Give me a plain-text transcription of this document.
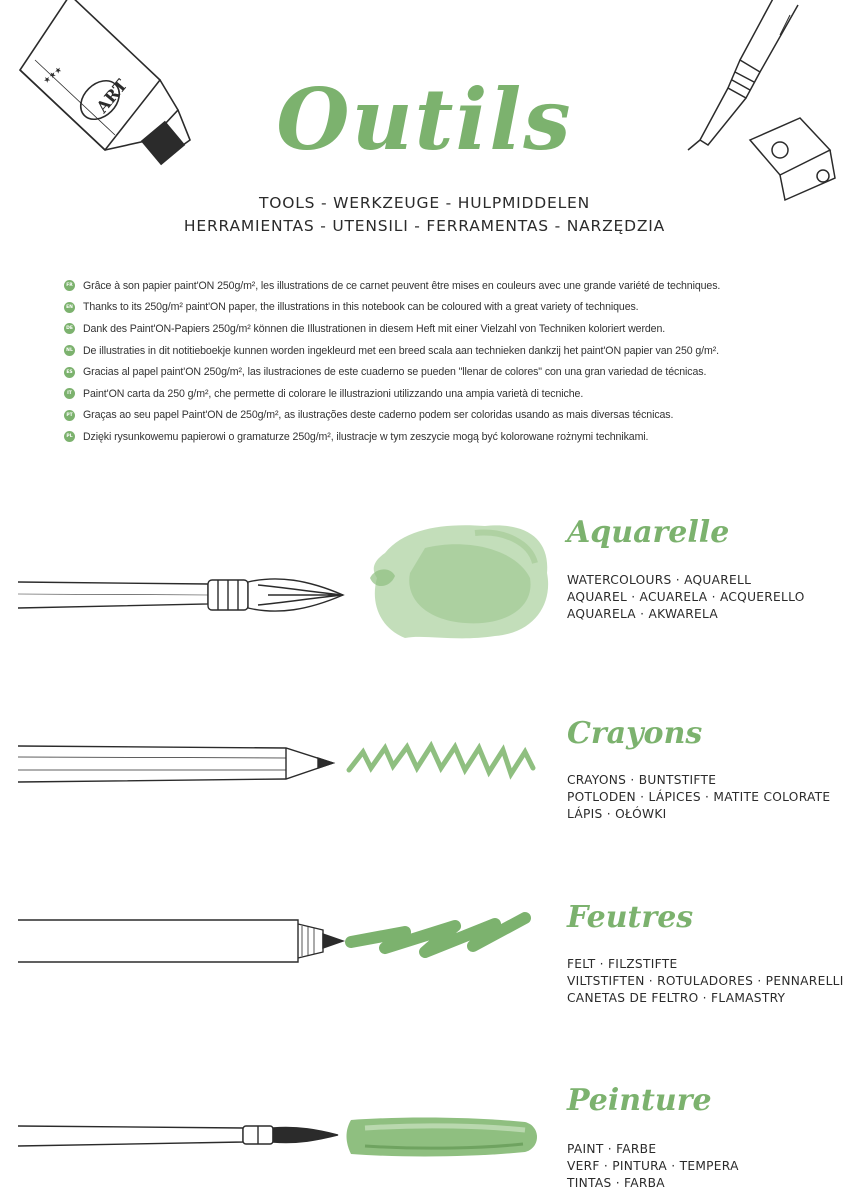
ART
★★★	Outils
TOOLS - WERKZEUGE - HULPMIDDELEN
HERRAMIENTAS - UTENSILI - FERRAMENTAS - NARZĘDZIA
FR Grâce à son papier paint'ON 250g/m², les illustrations de ce carnet peuvent être mises en couleurs avec une grande variété de techniques.
EN Thanks to its 250g/m² paint'ON paper, the illustrations in this notebook can be coloured with a great variety of techniques.
DE Dank des Paint'ON-Papiers 250g/m² können die Illustrationen in diesem Heft mit einer Vielzahl von Techniken koloriert werden.
NL De illustraties in dit notitieboekje kunnen worden ingekleurd met een breed scala aan technieken dankzij het paint'ON papier van 250 g/m².
ES Gracias al papel paint'ON 250g/m², las ilustraciones de este cuaderno se pueden "llenar de colores" con una gran variedad de técnicas.
IT Paint'ON carta da 250 g/m², che permette di colorare le illustrazioni utilizzando una ampia varietà di tecniche.
PT Graças ao seu papel Paint'ON de 250g/m², as ilustrações deste caderno podem ser coloridas usando as mais diversas técnicas.
PL Dzięki rysunkowemu papierowi o gramaturze 250g/m², ilustracje w tym zeszycie mogą być kolorowane rożnymi technikami.
Aquarelle
WATERCOLOURS · AQUARELL
AQUAREL · ACUARELA · ACQUERELLO
AQUARELA · AKWARELA
Crayons
CRAYONS · BUNTSTIFTE
POTLODEN · LÁPICES · MATITE COLORATE
LÁPIS · OŁÓWKI
Feutres
FELT · FILZSTIFTE
VILTSTIFTEN · ROTULADORES · PENNARELLI
CANETAS DE FELTRO · FLAMASTRY
Peinture
PAINT · FARBE
VERF · PINTURA · TEMPERA
TINTAS · FARBA
